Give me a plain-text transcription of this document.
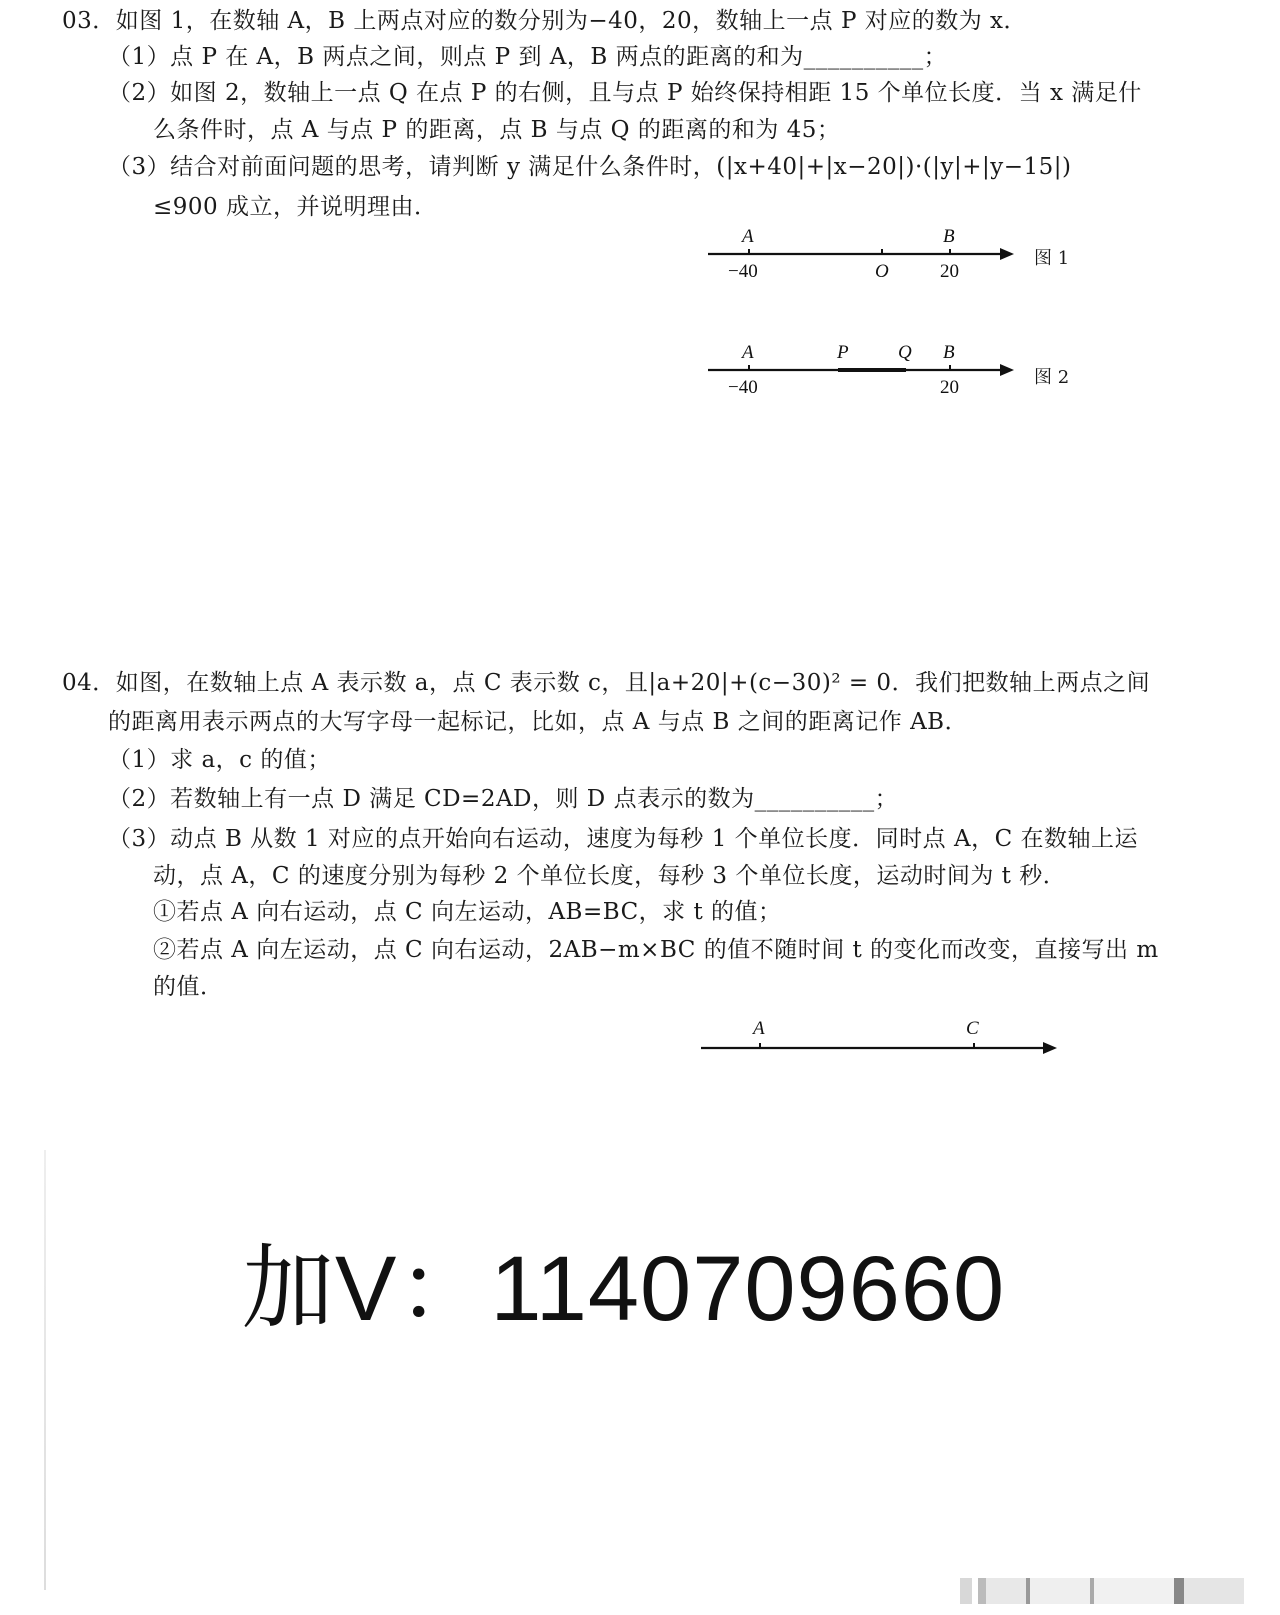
03．如图 1，在数轴 A，B 上两点对应的数分别为−40，20，数轴上一点 P 对应的数为 x．
（1）点 P 在 A，B 两点之间，则点 P 到 A，B 两点的距离的和为__________；
（2）如图 2，数轴上一点 Q 在点 P 的右侧，且与点 P 始终保持相距 15 个单位长度．当 x 满足什
么条件时，点 A 与点 P 的距离，点 B 与点 Q 的距离的和为 45；
（3）结合对前面问题的思考，请判断 y 满足什么条件时，(|x+40|+|x−20|)·(|y|+|y−15|)
≤900 成立，并说明理由．
A	B
O
−40	20
图 1
A	P	Q B
−40	20	图 2
04．如图，在数轴上点 A 表示数 a，点 C 表示数 c，且|a+20|+(c−30)² = 0．我们把数轴上两点之间
的距离用表示两点的大写字母一起标记，比如，点 A 与点 B 之间的距离记作 AB．
（1）求 a，c 的值；
（2）若数轴上有一点 D 满足 CD=2AD，则 D 点表示的数为__________；
（3）动点 B 从数 1 对应的点开始向右运动，速度为每秒 1 个单位长度．同时点 A，C 在数轴上运
动，点 A，C 的速度分别为每秒 2 个单位长度，每秒 3 个单位长度，运动时间为 t 秒．
①若点 A 向右运动，点 C 向左运动，AB=BC，求 t 的值；
②若点 A 向左运动，点 C 向右运动，2AB−m×BC 的值不随时间 t 的变化而改变，直接写出 m
的值．
A	C
加V：1140709660
